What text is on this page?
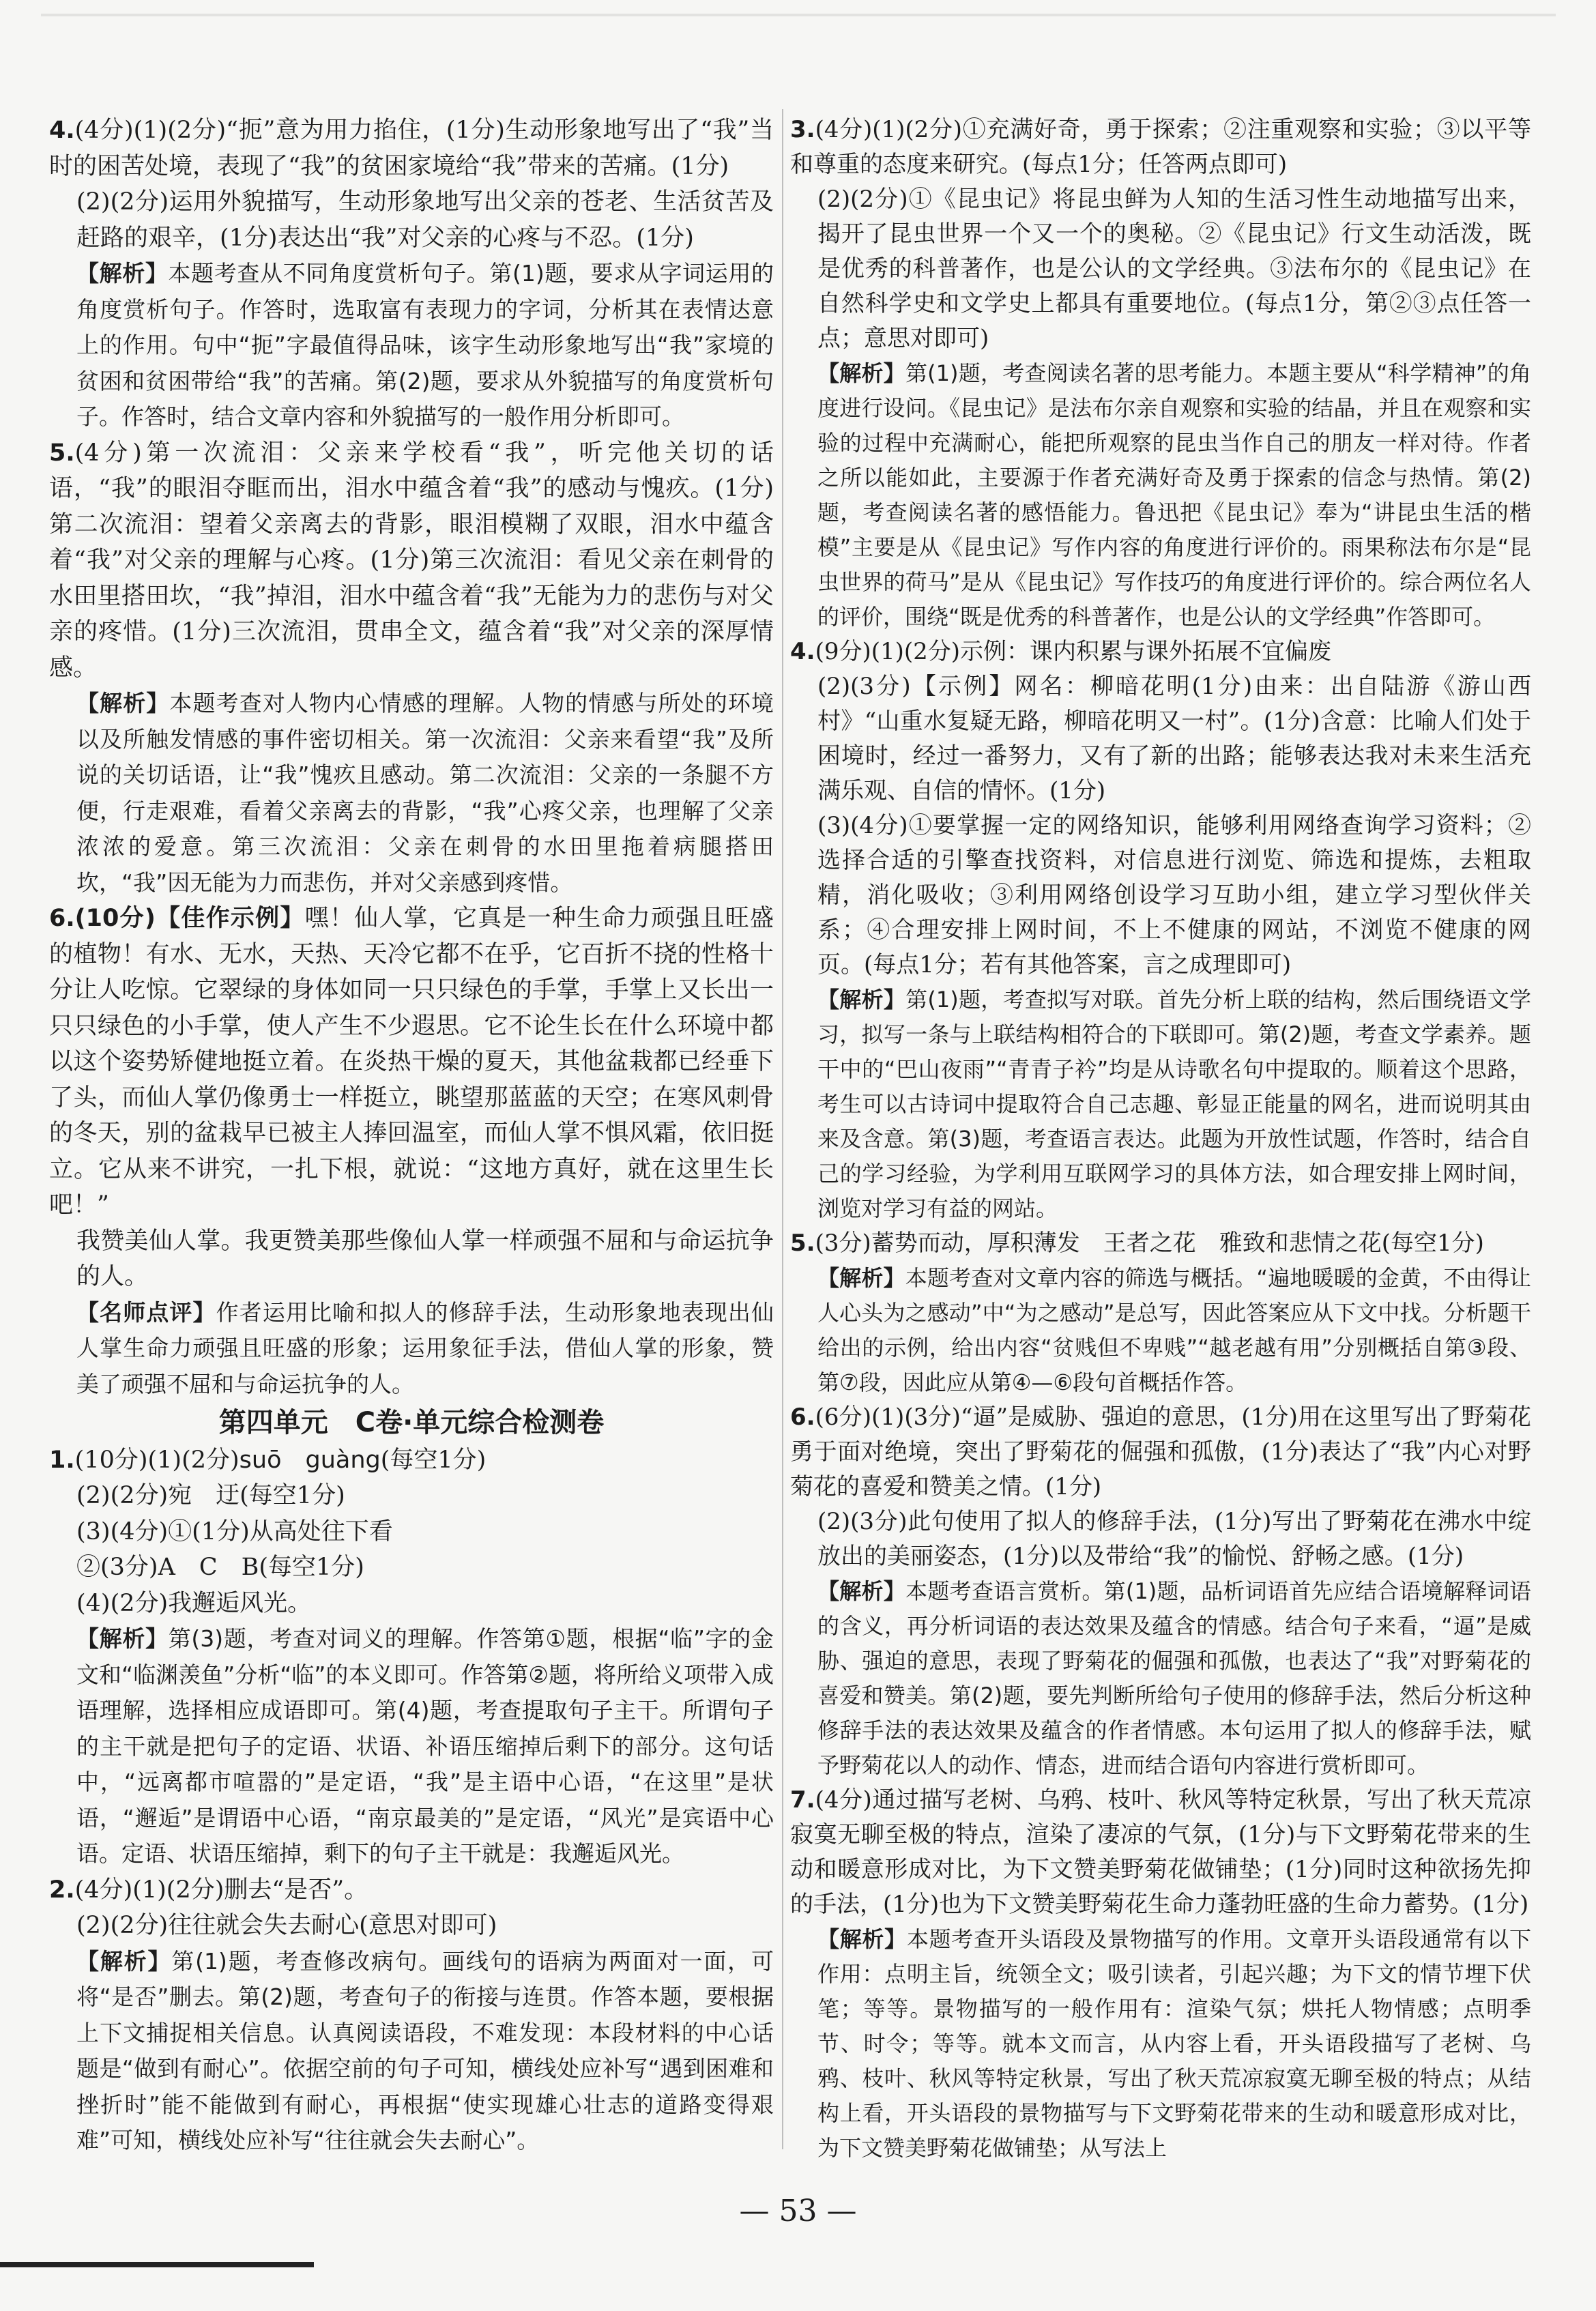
4.(4分)(1)(2分)“扼”意为用力掐住，(1分)生动形象地写出了“我”当时的困苦处境，表现了“我”的贫困家境给“我”带来的苦痛。(1分)

(2)(2分)运用外貌描写，生动形象地写出父亲的苍老、生活贫苦及赶路的艰辛，(1分)表达出“我”对父亲的心疼与不忍。(1分)

【解析】本题考查从不同角度赏析句子。第(1)题，要求从字词运用的角度赏析句子。作答时，选取富有表现力的字词，分析其在表情达意上的作用。句中“扼”字最值得品味，该字生动形象地写出“我”家境的贫困和贫困带给“我”的苦痛。第(2)题，要求从外貌描写的角度赏析句子。作答时，结合文章内容和外貌描写的一般作用分析即可。

5.(4分)第一次流泪：父亲来学校看“我”，听完他关切的话语，“我”的眼泪夺眶而出，泪水中蕴含着“我”的感动与愧疚。(1分)第二次流泪：望着父亲离去的背影，眼泪模糊了双眼，泪水中蕴含着“我”对父亲的理解与心疼。(1分)第三次流泪：看见父亲在刺骨的水田里搭田坎，“我”掉泪，泪水中蕴含着“我”无能为力的悲伤与对父亲的疼惜。(1分)三次流泪，贯串全文，蕴含着“我”对父亲的深厚情感。

【解析】本题考查对人物内心情感的理解。人物的情感与所处的环境以及所触发情感的事件密切相关。第一次流泪：父亲来看望“我”及所说的关切话语，让“我”愧疚且感动。第二次流泪：父亲的一条腿不方便，行走艰难，看着父亲离去的背影，“我”心疼父亲，也理解了父亲浓浓的爱意。第三次流泪：父亲在刺骨的水田里拖着病腿搭田坎，“我”因无能为力而悲伤，并对父亲感到疼惜。

6.(10分)【佳作示例】嘿！仙人掌，它真是一种生命力顽强且旺盛的植物！有水、无水，天热、天冷它都不在乎，它百折不挠的性格十分让人吃惊。它翠绿的身体如同一只只绿色的手掌，手掌上又长出一只只绿色的小手掌，使人产生不少遐思。它不论生长在什么环境中都以这个姿势矫健地挺立着。在炎热干燥的夏天，其他盆栽都已经垂下了头，而仙人掌仍像勇士一样挺立，眺望那蓝蓝的天空；在寒风刺骨的冬天，别的盆栽早已被主人捧回温室，而仙人掌不惧风霜，依旧挺立。它从来不讲究，一扎下根，就说：“这地方真好，就在这里生长吧！”

我赞美仙人掌。我更赞美那些像仙人掌一样顽强不屈和与命运抗争的人。

【名师点评】作者运用比喻和拟人的修辞手法，生动形象地表现出仙人掌生命力顽强且旺盛的形象；运用象征手法，借仙人掌的形象，赞美了顽强不屈和与命运抗争的人。

第四单元　C卷·单元综合检测卷

1.(10分)(1)(2分)suō　guàng(每空1分)

(2)(2分)宛　迂(每空1分)

(3)(4分)①(1分)从高处往下看

②(3分)A　C　B(每空1分)

(4)(2分)我邂逅风光。

【解析】第(3)题，考查对词义的理解。作答第①题，根据“临”字的金文和“临渊羡鱼”分析“临”的本义即可。作答第②题，将所给义项带入成语理解，选择相应成语即可。第(4)题，考查提取句子主干。所谓句子的主干就是把句子的定语、状语、补语压缩掉后剩下的部分。这句话中，“远离都市喧嚣的”是定语，“我”是主语中心语，“在这里”是状语，“邂逅”是谓语中心语，“南京最美的”是定语，“风光”是宾语中心语。定语、状语压缩掉，剩下的句子主干就是：我邂逅风光。

2.(4分)(1)(2分)删去“是否”。

(2)(2分)往往就会失去耐心(意思对即可)

【解析】第(1)题，考查修改病句。画线句的语病为两面对一面，可将“是否”删去。第(2)题，考查句子的衔接与连贯。作答本题，要根据上下文捕捉相关信息。认真阅读语段，不难发现：本段材料的中心话题是“做到有耐心”。依据空前的句子可知，横线处应补写“遇到困难和挫折时”能不能做到有耐心，再根据“使实现雄心壮志的道路变得艰难”可知，横线处应补写“往往就会失去耐心”。

3.(4分)(1)(2分)①充满好奇，勇于探索；②注重观察和实验；③以平等和尊重的态度来研究。(每点1分；任答两点即可)

(2)(2分)①《昆虫记》将昆虫鲜为人知的生活习性生动地描写出来，揭开了昆虫世界一个又一个的奥秘。②《昆虫记》行文生动活泼，既是优秀的科普著作，也是公认的文学经典。③法布尔的《昆虫记》在自然科学史和文学史上都具有重要地位。(每点1分，第②③点任答一点；意思对即可)

【解析】第(1)题，考查阅读名著的思考能力。本题主要从“科学精神”的角度进行设问。《昆虫记》是法布尔亲自观察和实验的结晶，并且在观察和实验的过程中充满耐心，能把所观察的昆虫当作自己的朋友一样对待。作者之所以能如此，主要源于作者充满好奇及勇于探索的信念与热情。第(2)题，考查阅读名著的感悟能力。鲁迅把《昆虫记》奉为“讲昆虫生活的楷模”主要是从《昆虫记》写作内容的角度进行评价的。雨果称法布尔是“昆虫世界的荷马”是从《昆虫记》写作技巧的角度进行评价的。综合两位名人的评价，围绕“既是优秀的科普著作，也是公认的文学经典”作答即可。

4.(9分)(1)(2分)示例：课内积累与课外拓展不宜偏废

(2)(3分)【示例】网名：柳暗花明(1分)由来：出自陆游《游山西村》“山重水复疑无路，柳暗花明又一村”。(1分)含意：比喻人们处于困境时，经过一番努力，又有了新的出路；能够表达我对未来生活充满乐观、自信的情怀。(1分)

(3)(4分)①要掌握一定的网络知识，能够利用网络查询学习资料；②选择合适的引擎查找资料，对信息进行浏览、筛选和提炼，去粗取精，消化吸收；③利用网络创设学习互助小组，建立学习型伙伴关系；④合理安排上网时间，不上不健康的网站，不浏览不健康的网页。(每点1分；若有其他答案，言之成理即可)

【解析】第(1)题，考查拟写对联。首先分析上联的结构，然后围绕语文学习，拟写一条与上联结构相符合的下联即可。第(2)题，考查文学素养。题干中的“巴山夜雨”“青青子衿”均是从诗歌名句中提取的。顺着这个思路，考生可以古诗词中提取符合自己志趣、彰显正能量的网名，进而说明其由来及含意。第(3)题，考查语言表达。此题为开放性试题，作答时，结合自己的学习经验，为学利用互联网学习的具体方法，如合理安排上网时间，浏览对学习有益的网站。

5.(3分)蓄势而动，厚积薄发　王者之花　雅致和悲情之花(每空1分)

【解析】本题考查对文章内容的筛选与概括。“遍地暖暖的金黄，不由得让人心头为之感动”中“为之感动”是总写，因此答案应从下文中找。分析题干给出的示例，给出内容“贫贱但不卑贱”“越老越有用”分别概括自第③段、第⑦段，因此应从第④—⑥段句首概括作答。

6.(6分)(1)(3分)“逼”是威胁、强迫的意思，(1分)用在这里写出了野菊花勇于面对绝境，突出了野菊花的倔强和孤傲，(1分)表达了“我”内心对野菊花的喜爱和赞美之情。(1分)

(2)(3分)此句使用了拟人的修辞手法，(1分)写出了野菊花在沸水中绽放出的美丽姿态，(1分)以及带给“我”的愉悦、舒畅之感。(1分)

【解析】本题考查语言赏析。第(1)题，品析词语首先应结合语境解释词语的含义，再分析词语的表达效果及蕴含的情感。结合句子来看，“逼”是威胁、强迫的意思，表现了野菊花的倔强和孤傲，也表达了“我”对野菊花的喜爱和赞美。第(2)题，要先判断所给句子使用的修辞手法，然后分析这种修辞手法的表达效果及蕴含的作者情感。本句运用了拟人的修辞手法，赋予野菊花以人的动作、情态，进而结合语句内容进行赏析即可。

7.(4分)通过描写老树、乌鸦、枝叶、秋风等特定秋景，写出了秋天荒凉寂寞无聊至极的特点，渲染了凄凉的气氛，(1分)与下文野菊花带来的生动和暖意形成对比，为下文赞美野菊花做铺垫；(1分)同时这种欲扬先抑的手法，(1分)也为下文赞美野菊花生命力蓬勃旺盛的生命力蓄势。(1分)

【解析】本题考查开头语段及景物描写的作用。文章开头语段通常有以下作用：点明主旨，统领全文；吸引读者，引起兴趣；为下文的情节埋下伏笔；等等。景物描写的一般作用有：渲染气氛；烘托人物情感；点明季节、时令；等等。就本文而言，从内容上看，开头语段描写了老树、乌鸦、枝叶、秋风等特定秋景，写出了秋天荒凉寂寞无聊至极的特点；从结构上看，开头语段的景物描写与下文野菊花带来的生动和暖意形成对比，为下文赞美野菊花做铺垫；从写法上

— 53 —
